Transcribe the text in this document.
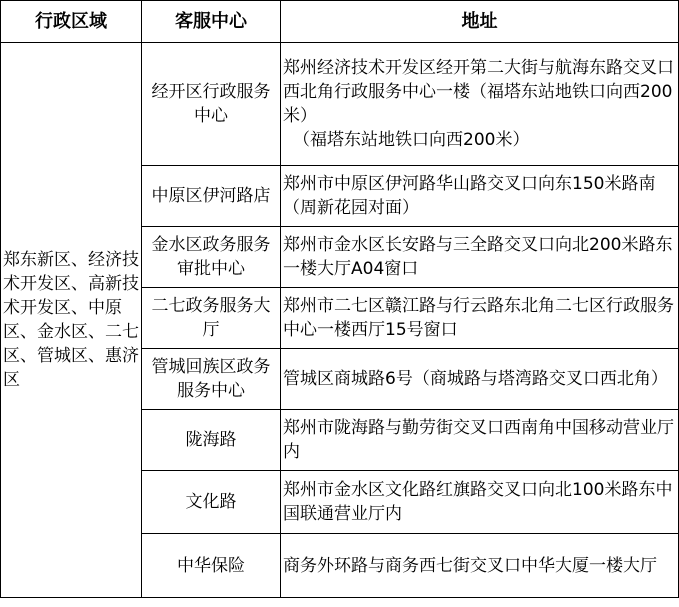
行政区域	客服中心	地址
郑东新区、经济技术开发区、高新技术开发区、中原区、金水区、二七区、管城区、惠济区	经开区行政服务中心	郑州经济技术开发区经开第二大街与航海东路交叉口西北角行政服务中心一楼（福塔东站地铁口向西200米）
（福塔东站地铁口向西200米）

	中原区伊河路店	郑州市中原区伊河路华山路交叉口向东150米路南（周新花园对面）
	金水区政务服务审批中心	郑州市金水区长安路与三全路交叉口向北200米路东一楼大厅A04窗口
	二七政务服务大厅	郑州市二七区赣江路与行云路东北角二七区行政服务中心一楼西厅15号窗口
	管城回族区政务服务中心	管城区商城路6号（商城路与塔湾路交叉口西北角）
	陇海路	郑州市陇海路与勤劳街交叉口西南角中国移动营业厅内
	文化路	郑州市金水区文化路红旗路交叉口向北100米路东中国联通营业厅内
	中华保险	商务外环路与商务西七街交叉口中华大厦一楼大厅
